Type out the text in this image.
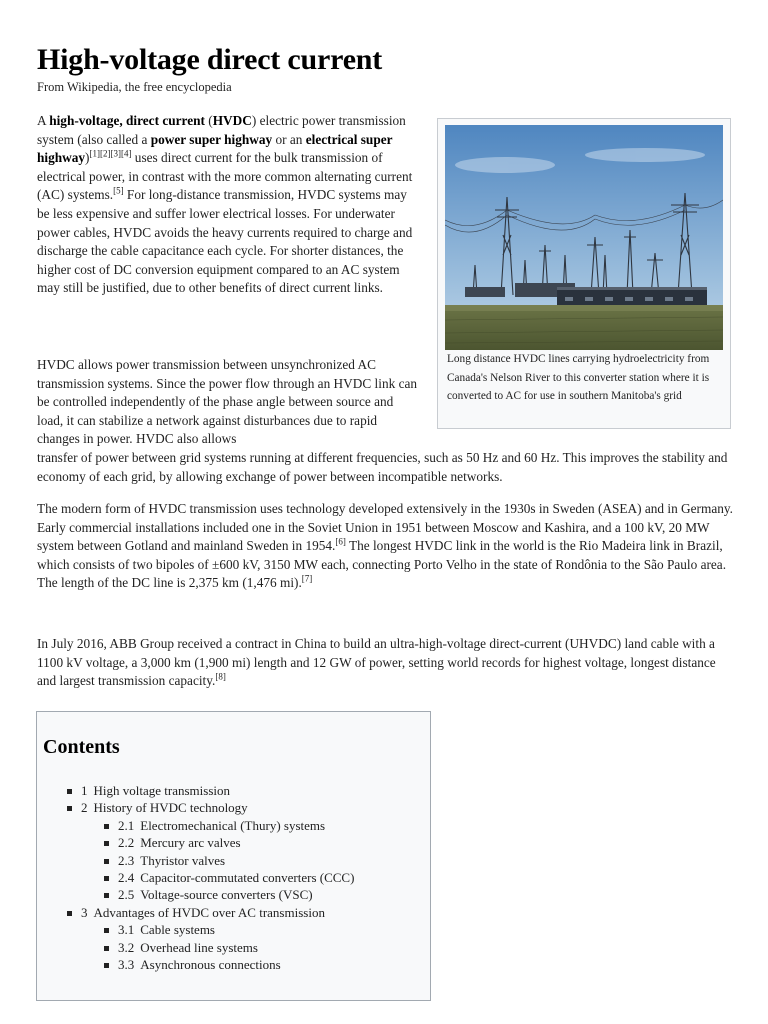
High-voltage direct current
From Wikipedia, the free encyclopedia

A high-voltage, direct current (HVDC) electric power transmission system (also called a power super highway or an electrical super highway)[1][2][3][4] uses direct current for the bulk transmission of electrical power, in contrast with the more common alternating current (AC) systems.[5] For long-distance transmission, HVDC systems may be less expensive and suffer lower electrical losses. For underwater power cables, HVDC avoids the heavy currents required to charge and discharge the cable capacitance each cycle. For shorter distances, the higher cost of DC conversion equipment compared to an AC system may still be justified, due to other benefits of direct current links.

HVDC allows power transmission between unsynchronized AC transmission systems. Since the power flow through an HVDC link can be controlled independently of the phase angle between source and load, it can stabilize a network against disturbances due to rapid changes in power. HVDC also allows
transfer of power between grid systems running at different frequencies, such as 50 Hz and 60 Hz. This improves the stability and economy of each grid, by allowing exchange of power between incompatible networks.

The modern form of HVDC transmission uses technology developed extensively in the 1930s in Sweden (ASEA) and in Germany. Early commercial installations included one in the Soviet Union in 1951 between Moscow and Kashira, and a 100 kV, 20 MW system between Gotland and mainland Sweden in 1954.[6] The longest HVDC link in the world is the Rio Madeira link in Brazil, which consists of two bipoles of ±600 kV, 3150 MW each, connecting Porto Velho in the state of Rondônia to the São Paulo area. The length of the DC line is 2,375 km (1,476 mi).[7]

In July 2016, ABB Group received a contract in China to build an ultra-high-voltage direct-current (UHVDC) land cable with a 1100 kV voltage, a 3,000 km (1,900 mi) length and 12 GW of power, setting world records for highest voltage, longest distance and largest transmission capacity.[8]

Long distance HVDC lines carrying hydroelectricity from Canada's Nelson River to this converter station where it is converted to AC for use in southern Manitoba's grid
Contents
1 High voltage transmission
2 History of HVDC technology
2.1 Electromechanical (Thury) systems
2.2 Mercury arc valves
2.3 Thyristor valves
2.4 Capacitor-commutated converters (CCC)
2.5 Voltage-source converters (VSC)
3 Advantages of HVDC over AC transmission
3.1 Cable systems
3.2 Overhead line systems
3.3 Asynchronous connections
